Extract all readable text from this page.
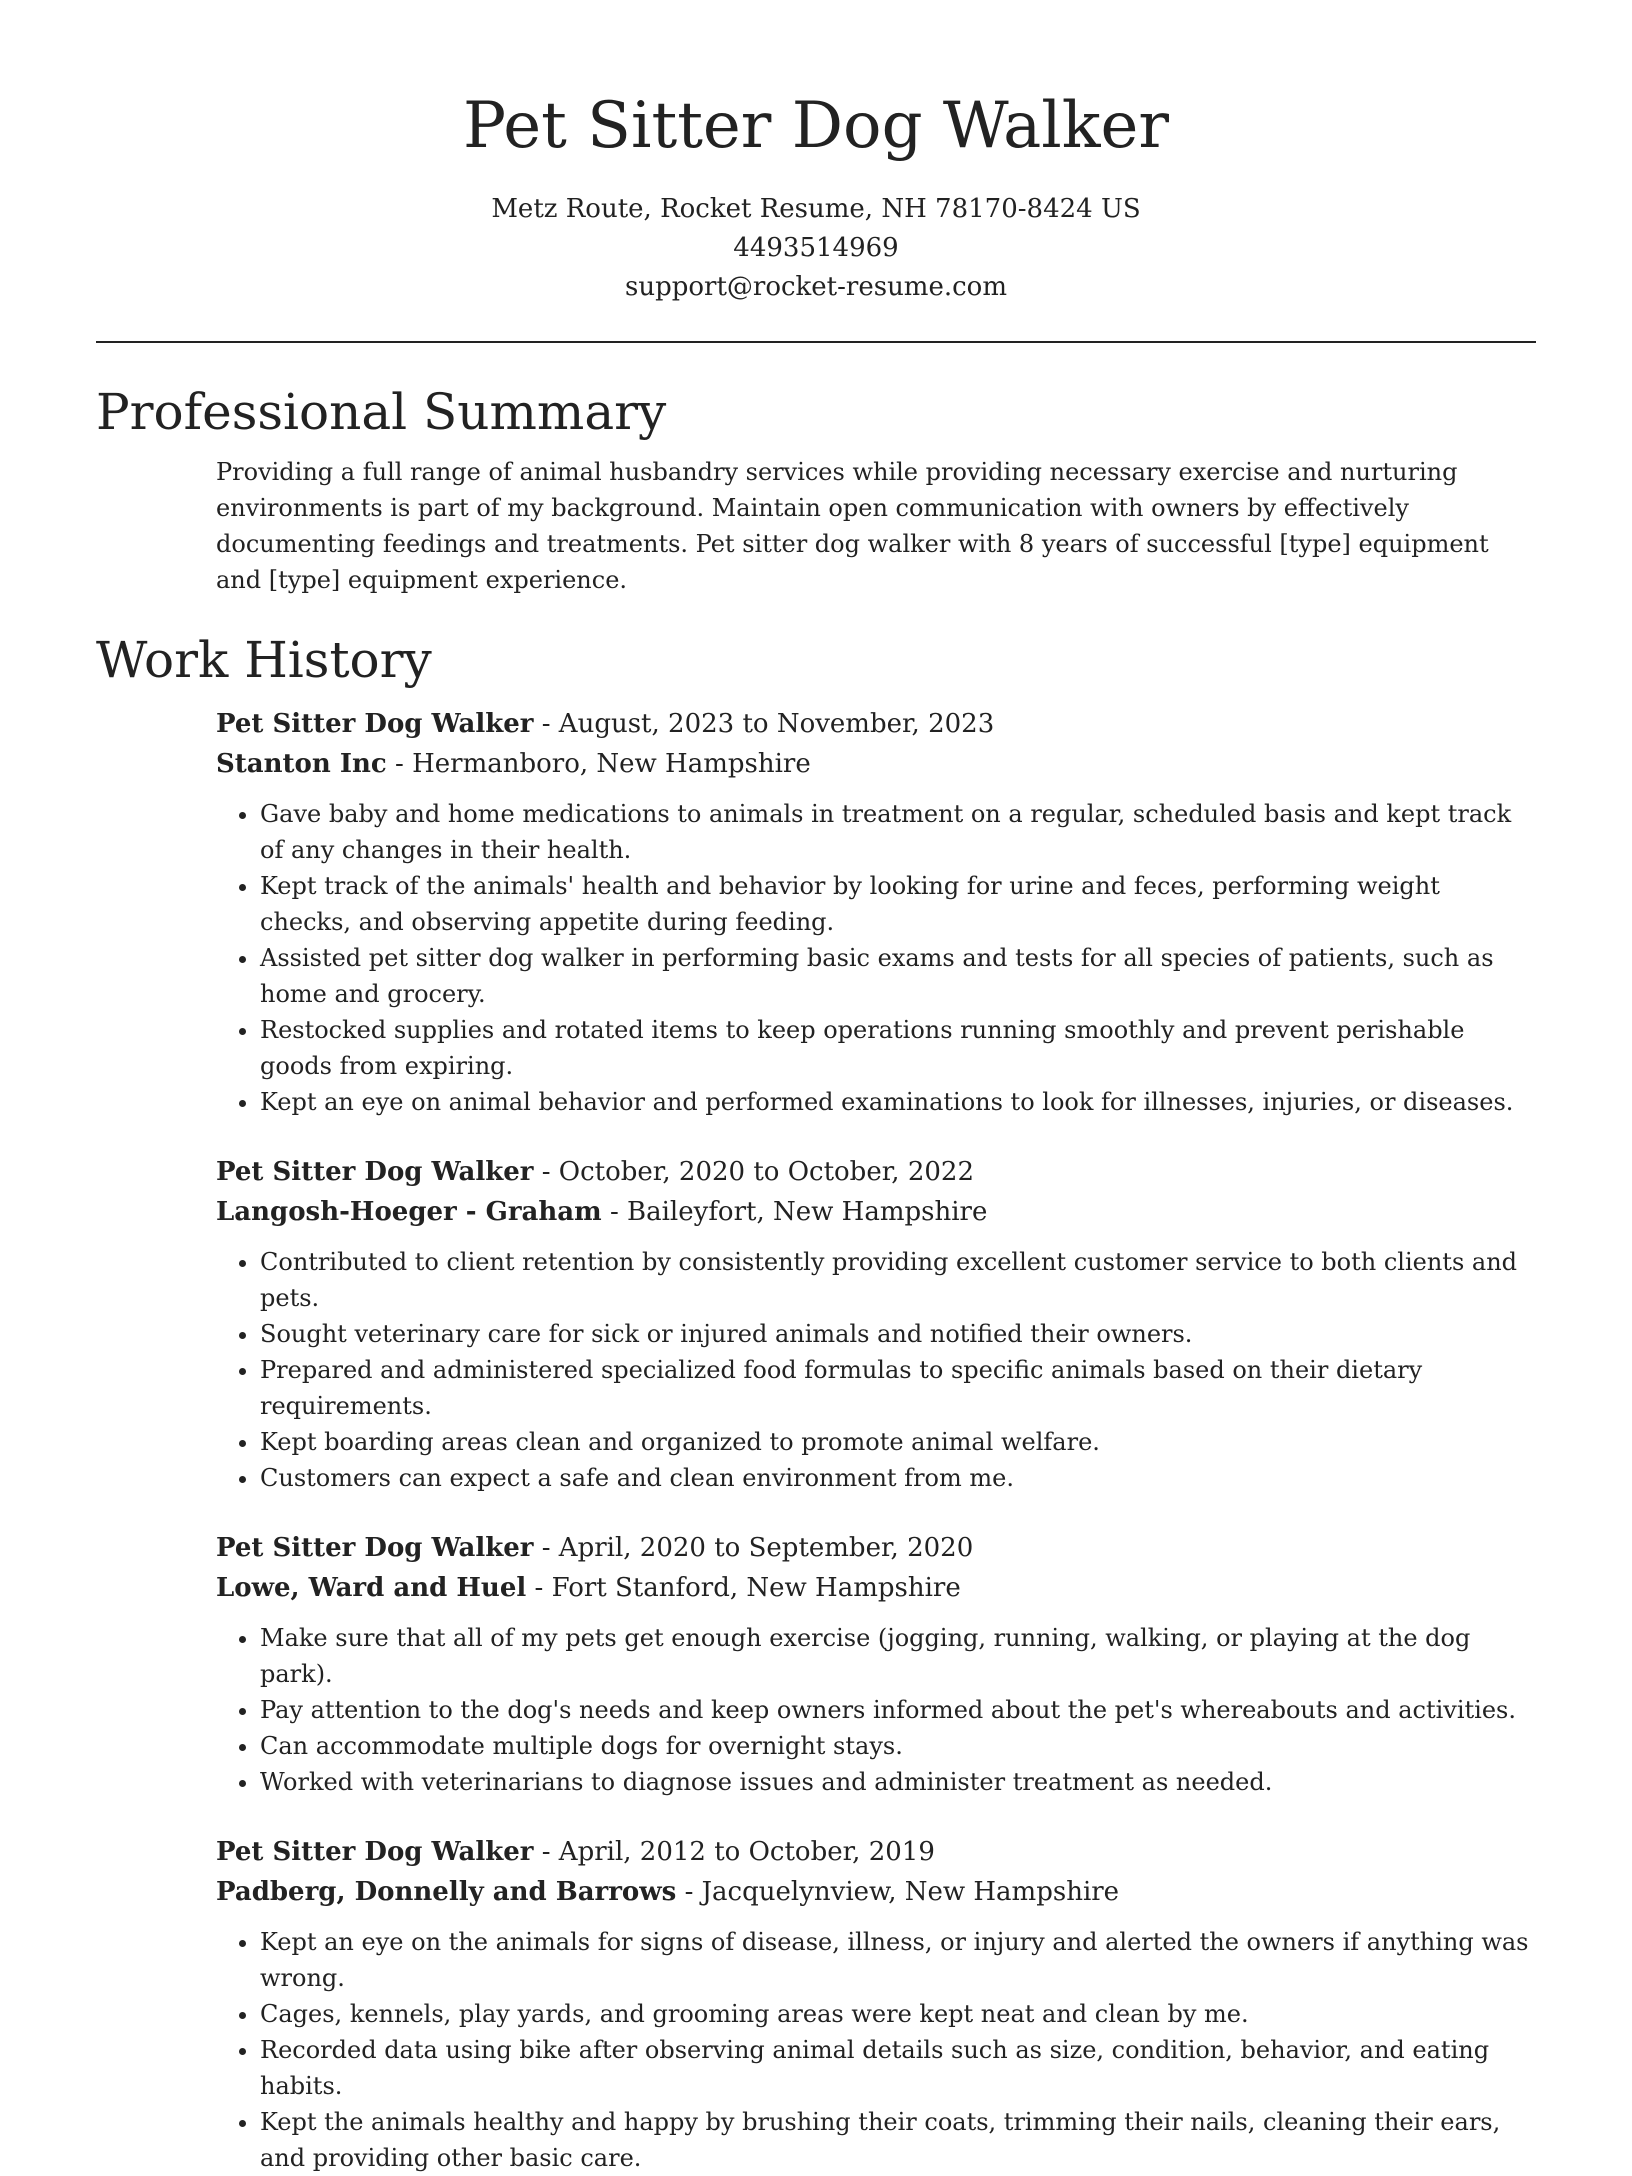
Pet Sitter Dog Walker
Metz Route, Rocket Resume, NH 78170-8424 US
4493514969
support@rocket-resume.com
Professional Summary

Providing a full range of animal husbandry services while providing necessary exercise and nurturing environments is part of my background. Maintain open communication with owners by effectively documenting feedings and treatments. Pet sitter dog walker with 8 years of successful [type] equipment and [type] equipment experience.

Work History
Pet Sitter Dog Walker - August, 2023 to November, 2023
Stanton Inc - Hermanboro, New Hampshire
• Gave baby and home medications to animals in treatment on a regular, scheduled basis and kept track of any changes in their health.
• Kept track of the animals' health and behavior by looking for urine and feces, performing weight checks, and observing appetite during feeding.
• Assisted pet sitter dog walker in performing basic exams and tests for all species of patients, such as home and grocery.
• Restocked supplies and rotated items to keep operations running smoothly and prevent perishable goods from expiring.
• Kept an eye on animal behavior and performed examinations to look for illnesses, injuries, or diseases.
Pet Sitter Dog Walker - October, 2020 to October, 2022
Langosh-Hoeger - Graham - Baileyfort, New Hampshire
• Contributed to client retention by consistently providing excellent customer service to both clients and pets.
• Sought veterinary care for sick or injured animals and notified their owners.
• Prepared and administered specialized food formulas to specific animals based on their dietary requirements.
• Kept boarding areas clean and organized to promote animal welfare.
• Customers can expect a safe and clean environment from me.
Pet Sitter Dog Walker - April, 2020 to September, 2020
Lowe, Ward and Huel - Fort Stanford, New Hampshire
• Make sure that all of my pets get enough exercise (jogging, running, walking, or playing at the dog park).
• Pay attention to the dog's needs and keep owners informed about the pet's whereabouts and activities.
• Can accommodate multiple dogs for overnight stays.
• Worked with veterinarians to diagnose issues and administer treatment as needed.
Pet Sitter Dog Walker - April, 2012 to October, 2019
Padberg, Donnelly and Barrows - Jacquelynview, New Hampshire
• Kept an eye on the animals for signs of disease, illness, or injury and alerted the owners if anything was wrong.
• Cages, kennels, play yards, and grooming areas were kept neat and clean by me.
• Recorded data using bike after observing animal details such as size, condition, behavior, and eating habits.
• Kept the animals healthy and happy by brushing their coats, trimming their nails, cleaning their ears, and providing other basic care.
